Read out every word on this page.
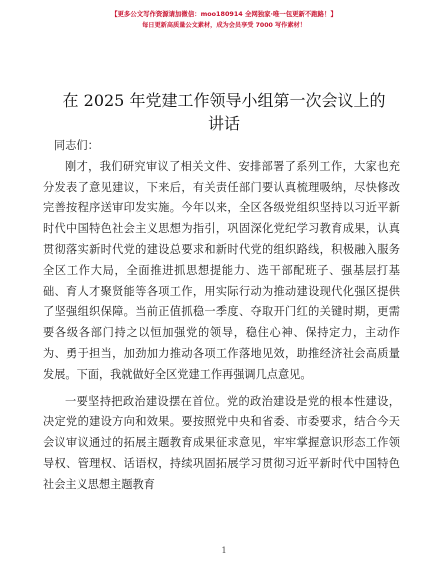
【更多公文写作资源请加微信：moo180914 全网独家·唯一包更新不跑路！】
每日更新高质量公文素材，成为会员享受 7000 写作素材！
在 2025 年党建工作领导小组第一次会议上的讲话

同志们：

刚才，我们研究审议了相关文件、安排部署了系列工作，大家也充分发表了意见建议，下来后，有关责任部门要认真梳理吸纳，尽快修改完善按程序送审印发实施。今年以来，全区各级党组织坚持以习近平新时代中国特色社会主义思想为指引，巩固深化党纪学习教育成果，认真贯彻落实新时代党的建设总要求和新时代党的组织路线，积极融入服务全区工作大局，全面推进抓思想提能力、选干部配班子、强基层打基础、育人才聚贤能等各项工作，用实际行动为推动建设现代化强区提供了坚强组织保障。当前正值抓稳一季度、夺取开门红的关键时期，更需要各级各部门持之以恒加强党的领导，稳住心神、保持定力，主动作为、勇于担当，加劲加力推动各项工作落地见效，助推经济社会高质量发展。下面，我就做好全区党建工作再强调几点意见。

一要坚持把政治建设摆在首位。党的政治建设是党的根本性建设，决定党的建设方向和效果。要按照党中央和省委、市委要求，结合今天会议审议通过的拓展主题教育成果征求意见，牢牢掌握意识形态工作领导权、管理权、话语权，持续巩固拓展学习贯彻习近平新时代中国特色社会主义思想主题教育

1
